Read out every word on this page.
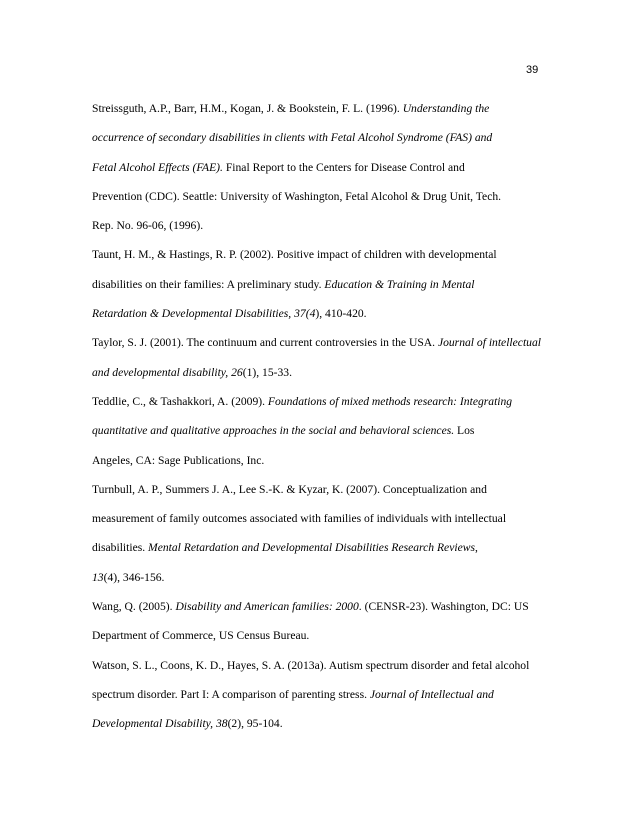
39

Streissguth, A.P., Barr, H.M., Kogan, J. & Bookstein, F. L. (1996). Understanding the
occurrence of secondary disabilities in clients with Fetal Alcohol Syndrome (FAS) and
Fetal Alcohol Effects (FAE). Final Report to the Centers for Disease Control and
Prevention (CDC). Seattle: University of Washington, Fetal Alcohol & Drug Unit, Tech.
Rep. No. 96-06, (1996).

Taunt, H. M., & Hastings, R. P. (2002). Positive impact of children with developmental
disabilities on their families: A preliminary study. Education & Training in Mental
Retardation & Developmental Disabilities, 37(4), 410-420.

Taylor, S. J. (2001). The continuum and current controversies in the USA. Journal of intellectual
and developmental disability, 26(1), 15-33.

Teddlie, C., & Tashakkori, A. (2009). Foundations of mixed methods research: Integrating
quantitative and qualitative approaches in the social and behavioral sciences. Los
Angeles, CA: Sage Publications, Inc.

Turnbull, A. P., Summers J. A., Lee S.-K. & Kyzar, K. (2007). Conceptualization and
measurement of family outcomes associated with families of individuals with intellectual
disabilities. Mental Retardation and Developmental Disabilities Research Reviews,
13(4), 346-156.

Wang, Q. (2005). Disability and American families: 2000. (CENSR-23). Washington, DC: US
Department of Commerce, US Census Bureau.

Watson, S. L., Coons, K. D., Hayes, S. A. (2013a). Autism spectrum disorder and fetal alcohol
spectrum disorder. Part I: A comparison of parenting stress. Journal of Intellectual and
Developmental Disability, 38(2), 95-104.
